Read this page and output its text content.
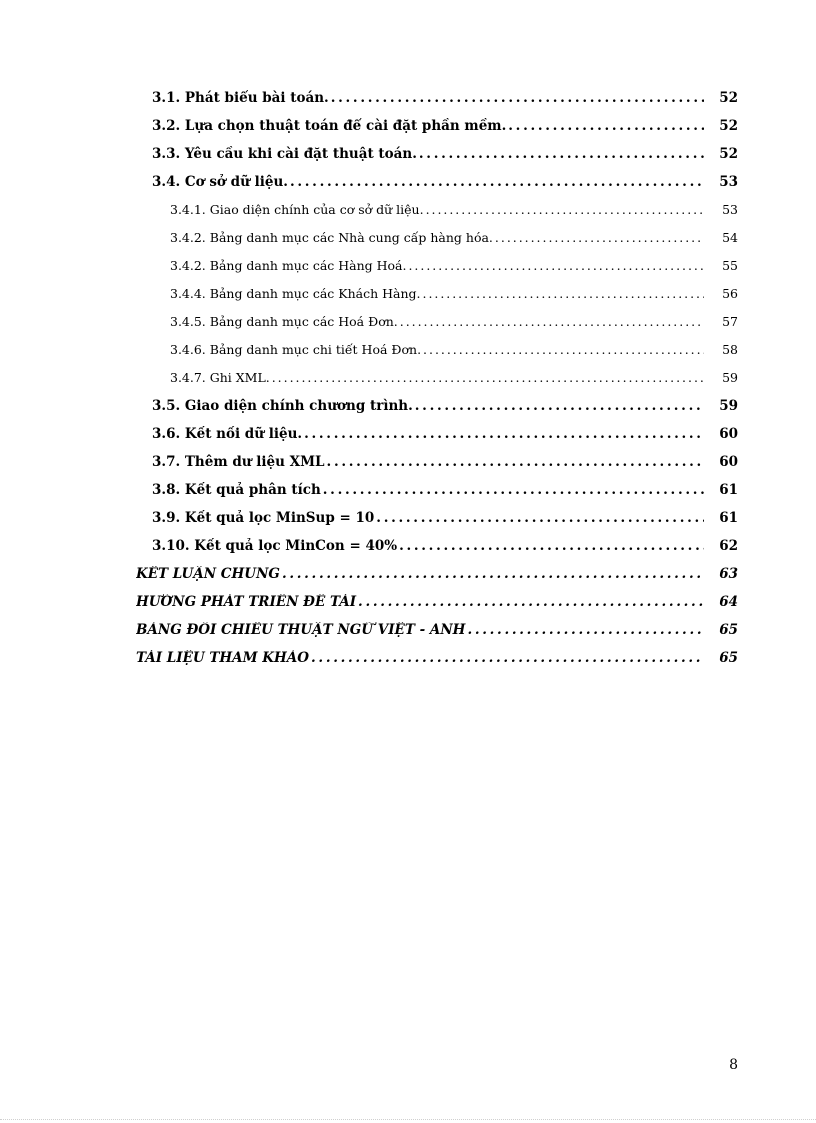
3.1. Phát biểu bài toán. . . .	52
3.2. Lựa chọn thuật toán để cài đặt phần mềm. . . .	52
3.3. Yêu cầu khi cài đặt thuật toán. . . .	52
3.4. Cơ sở dữ liệu. . . .	53
3.4.1. Giao diện chính của cơ sở dữ liệu. . . .	53
3.4.2. Bảng danh mục các Nhà cung cấp hàng hóa. . . .	54
3.4.2. Bảng danh mục các Hàng Hoá. . . .	55
3.4.4. Bảng danh mục các Khách Hàng. . . .	56
3.4.5. Bảng danh mục các Hoá Đơn. . . .	57
3.4.6. Bảng danh mục chi tiết Hoá Đơn. . . .	58
3.4.7. Ghi XML. . . .	59
3.5. Giao diện chính chương trình. . . .	59
3.6. Kết nối dữ liệu. . . .	60
3.7. Thêm dư liệu XML . . .	60
3.8. Kết quả phân tích . . .	61
3.9. Kết quả lọc MinSup = 10 . . .	61
3.10. Kết quả lọc MinCon = 40% . . .	62
KẾT LUẬN CHUNG . . .	63
HƯỚNG PHÁT TRIỂN ĐỀ TÀI . . .	64
BẢNG ĐỐI CHIẾU THUẬT NGỮ VIỆT - ANH . . .	65
TÀI LIỆU THAM KHẢO . . .	65
8
